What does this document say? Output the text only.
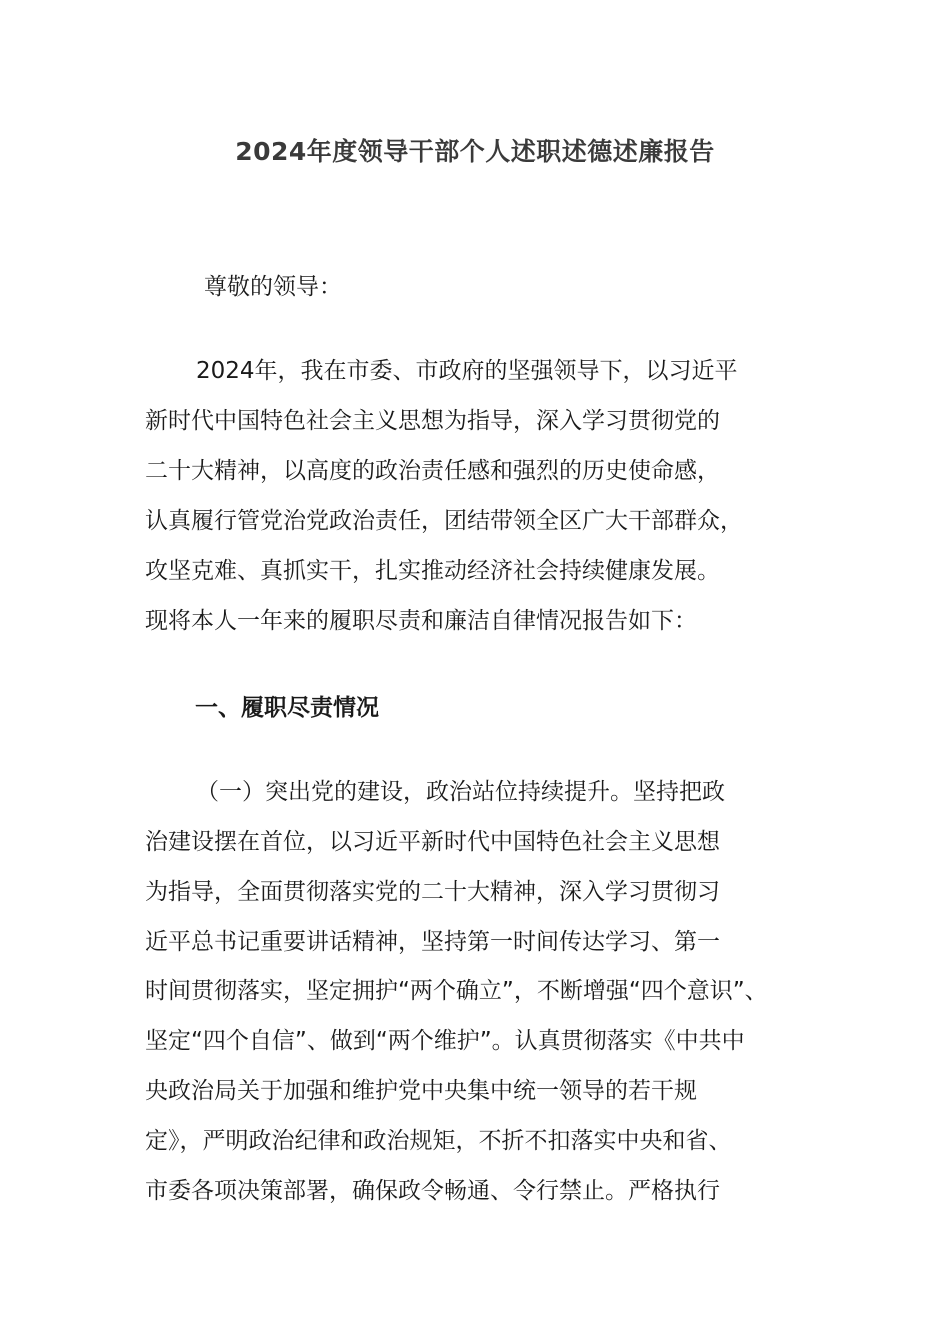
2024年度领导干部个人述职述德述廉报告
尊敬的领导：
2024年，我在市委、市政府的坚强领导下，以习近平
新时代中国特色社会主义思想为指导，深入学习贯彻党的
二十大精神，以高度的政治责任感和强烈的历史使命感，
认真履行管党治党政治责任，团结带领全区广大干部群众，
攻坚克难、真抓实干，扎实推动经济社会持续健康发展。
现将本人一年来的履职尽责和廉洁自律情况报告如下：
一、履职尽责情况
（一）突出党的建设，政治站位持续提升。坚持把政
治建设摆在首位，以习近平新时代中国特色社会主义思想
为指导，全面贯彻落实党的二十大精神，深入学习贯彻习
近平总书记重要讲话精神，坚持第一时间传达学习、第一
时间贯彻落实，坚定拥护“两个确立”，不断增强“四个意识”、
坚定“四个自信”、做到“两个维护”。认真贯彻落实《中共中
央政治局关于加强和维护党中央集中统一领导的若干规
定》，严明政治纪律和政治规矩，不折不扣落实中央和省、
市委各项决策部署，确保政令畅通、令行禁止。严格执行
